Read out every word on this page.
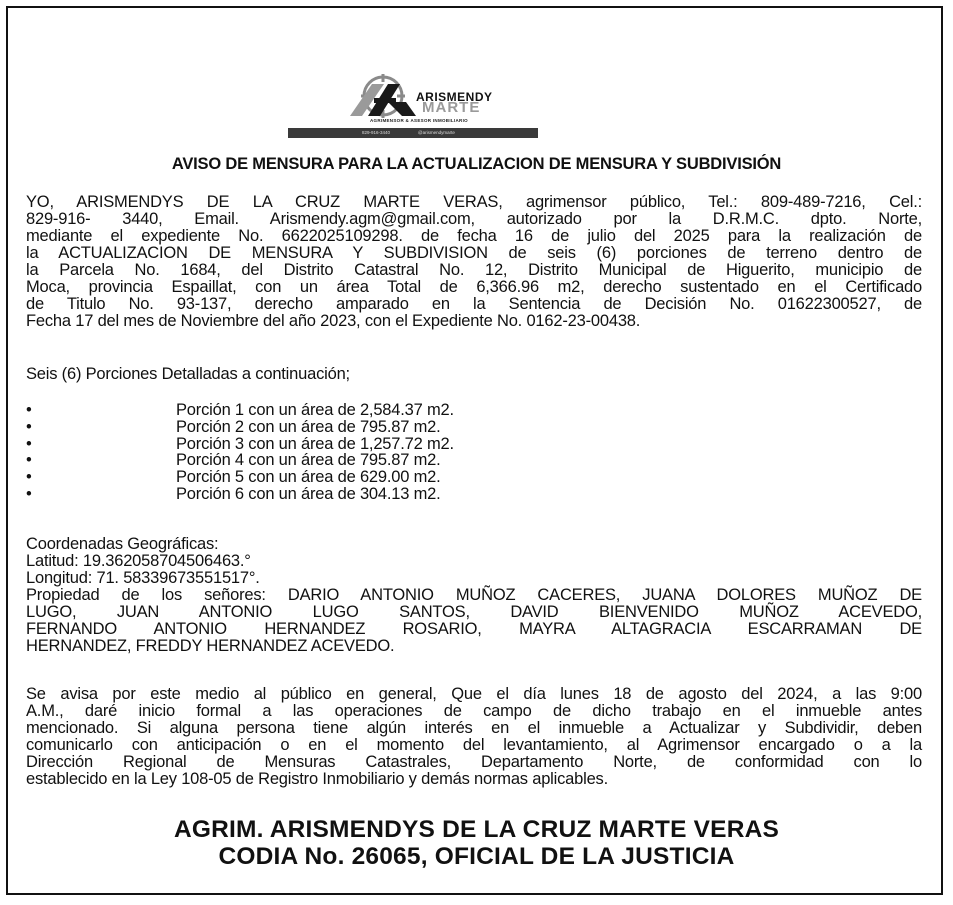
ARISMENDY
MARTE
AGRIMENSOR & ASESOR INMOBILIARIO
829-916-3440	@arismendymarte
AVISO DE MENSURA PARA LA ACTUALIZACION DE MENSURA Y SUBDIVISIÓN
YO, ARISMENDYS DE LA CRUZ MARTE VERAS, agrimensor público, Tel.: 809-489-7216, Cel.:
829-916- 3440, Email. Arismendy.agm@gmail.com, autorizado por la D.R.M.C. dpto. Norte,
mediante el expediente No. 6622025109298. de fecha 16 de julio del 2025 para la realización de
la ACTUALIZACION DE MENSURA Y SUBDIVISION de seis (6) porciones de terreno dentro de
la Parcela No. 1684, del Distrito Catastral No. 12, Distrito Municipal de Higuerito, municipio de
Moca, provincia Espaillat, con un área Total de 6,366.96 m2, derecho sustentado en el Certificado
de Titulo No. 93-137, derecho amparado en la Sentencia de Decisión No. 01622300527, de
Fecha 17 del mes de Noviembre del año 2023, con el Expediente No. 0162-23-00438.
Seis (6) Porciones Detalladas a continuación;
•	Porción 1 con un área de 2,584.37 m2.
•	Porción 2 con un área de 795.87 m2.
•	Porción 3 con un área de 1,257.72 m2.
•	Porción 4 con un área de 795.87 m2.
•	Porción 5 con un área de 629.00 m2.
•	Porción 6 con un área de 304.13 m2.
Coordenadas Geográficas:
Latitud: 19.362058704506463.°
Longitud: 71. 58339673551517°.
Propiedad de los señores: DARIO ANTONIO MUÑOZ CACERES, JUANA DOLORES MUÑOZ DE
LUGO, JUAN ANTONIO LUGO SANTOS, DAVID BIENVENIDO MUÑOZ ACEVEDO,
FERNANDO ANTONIO HERNANDEZ ROSARIO, MAYRA ALTAGRACIA ESCARRAMAN DE
HERNANDEZ, FREDDY HERNANDEZ ACEVEDO.
Se avisa por este medio al público en general, Que el día lunes 18 de agosto del 2024, a las 9:00
A.M., daré inicio formal a las operaciones de campo de dicho trabajo en el inmueble antes
mencionado. Si alguna persona tiene algún interés en el inmueble a Actualizar y Subdividir, deben
comunicarlo con anticipación o en el momento del levantamiento, al Agrimensor encargado o a la
Dirección Regional de Mensuras Catastrales, Departamento Norte, de conformidad con lo
establecido en la Ley 108-05 de Registro Inmobiliario y demás normas aplicables.
AGRIM. ARISMENDYS DE LA CRUZ MARTE VERAS
CODIA No. 26065, OFICIAL DE LA JUSTICIA
